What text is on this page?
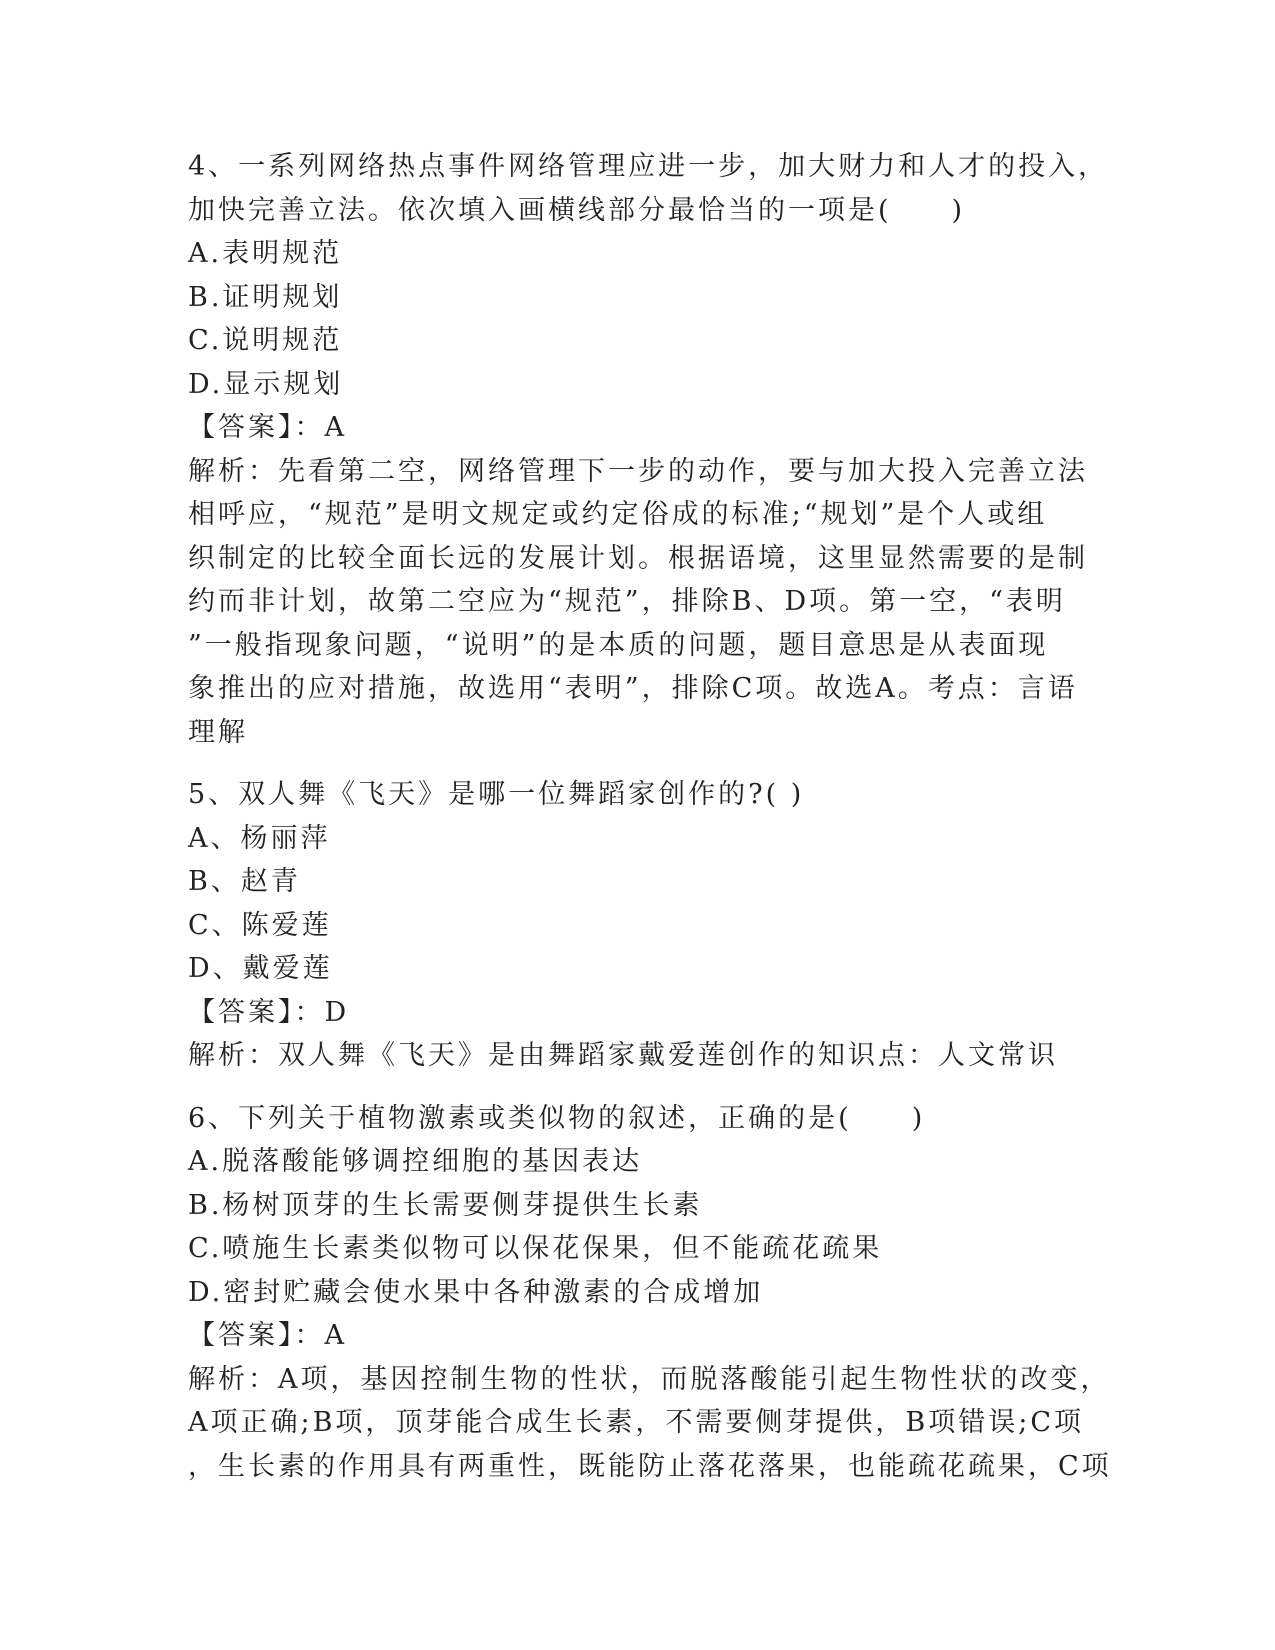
4、一系列网络热点事件网络管理应进一步，加大财力和人才的投入，
加快完善立法。依次填入画横线部分最恰当的一项是(　　)
A.表明规范
B.证明规划
C.说明规范
D.显示规划
【答案】：A
解析：先看第二空，网络管理下一步的动作，要与加大投入完善立法
相呼应，“规范”是明文规定或约定俗成的标准;“规划”是个人或组
织制定的比较全面长远的发展计划。根据语境，这里显然需要的是制
约而非计划，故第二空应为“规范”，排除B、D项。第一空，“表明
”一般指现象问题，“说明”的是本质的问题，题目意思是从表面现
象推出的应对措施，故选用“表明”，排除C项。故选A。考点：言语
理解
5、双人舞《飞天》是哪一位舞蹈家创作的?( )
A、杨丽萍
B、赵青
C、陈爱莲
D、戴爱莲
【答案】：D
解析：双人舞《飞天》是由舞蹈家戴爱莲创作的知识点：人文常识
6、下列关于植物激素或类似物的叙述，正确的是(　　)
A.脱落酸能够调控细胞的基因表达
B.杨树顶芽的生长需要侧芽提供生长素
C.喷施生长素类似物可以保花保果，但不能疏花疏果
D.密封贮藏会使水果中各种激素的合成增加
【答案】：A
解析：A项，基因控制生物的性状，而脱落酸能引起生物性状的改变，
A项正确;B项，顶芽能合成生长素，不需要侧芽提供，B项错误;C项
，生长素的作用具有两重性，既能防止落花落果，也能疏花疏果，C项
